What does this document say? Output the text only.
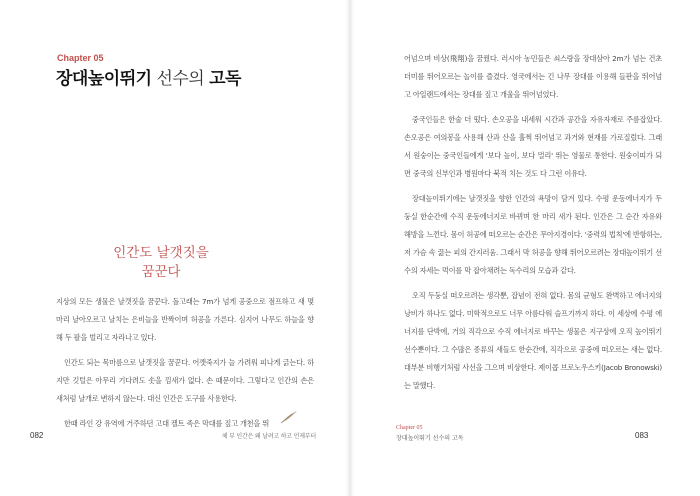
Chapter 05
장대높이뛰기 선수의 고독
인간도 날갯짓을
꿈꾼다

지상의 모든 생물은 날갯짓을 꿈꾼다. 돌고래는 7m가 넘게 공중으로 점프하고 새 몇 마리 날아오르고 날치는 은비늘을 반짝이며 허공을 가른다. 심지어 나무도 하늘을 향해 두 팔을 벌리고 자라나고 있다.

인간도 되는 목마름으로 날갯짓을 꿈꾼다. 어깻죽지가 늘 가려워 피나게 긁는다. 하지만 깃털은 아무리 기다려도 솟을 낌새가 없다. 손 때문이다. 그렇다고 인간의 손은 새처럼 날개로 변하지 않는다. 대신 인간은 도구를 사용한다.

한때 라인 강 유역에 거주하던 고대 켈트 족은 막대를 짚고 개천을 뛰

082	체 부 인간은 왜 날려고 하고 언제부터

어넘으며 비상(飛翔)을 꿈꿨다. 러시아 농민들은 쇠스랑을 장대삼아 2m가 넘는 건초 더미를 뛰어오르는 놀이를 즐겼다. 영국에서는 긴 나무 장대를 이용해 들판을 뛰어넘고 아일랜드에서는 장대를 짚고 개울을 뛰어넘었다.

중국인들은 한술 더 떴다. 손오공을 내세워 시간과 공간을 자유자재로 주름잡았다. 손오공은 여의봉을 사용해 산과 산을 훌쩍 뛰어넘고 과거와 현재를 가로질렀다. 그래서 원숭이는 중국인들에게 '보다 높이, 보다 멀리' 뛰는 영물로 통한다. 원숭이띠가 되면 중국의 신부인과 병원마다 북적 치는 것도 다 그런 이유다.

장대높이뛰기에는 날갯짓을 향한 인간의 욕망이 담겨 있다. 수평 운동에너지가 두둥실 한순간에 수직 운동에너지로 바뀌며 한 마리 새가 된다. 인간은 그 순간 자유와 해방을 느낀다. 몸이 허공에 떠오르는 순간은 무아지경이다. '중력의 법칙'에 반항하는, 저 가슴 속 끓는 피의 간지러움. 그래서 막 허공을 향해 뛰어오르려는 장대높이뛰기 선수의 자세는 먹이를 막 잡아채려는 독수리의 모습과 같다.

오직 두둥실 떠오르려는 생각뿐, 잡념이 전혀 없다. 몸의 균형도 완벽하고 에너지의 낭비가 하나도 없다. 미학적으로도 너무 아름다워 슬프기까지 하다. 이 세상에 수평 에너지를 단박에, 거의 직각으로 수직 에너지로 바꾸는 생물은 지구상에 오직 높이뛰기 선수뿐이다. 그 수많은 종류의 새들도 한순간에, 직각으로 공중에 떠오르는 새는 없다. 대부분 비행기처럼 사선을 그으며 비상한다. 제이콥 브로노우스키(Jacob Bronowski)는 말했다.

Chapter 05
장대높이뛰기 선수의 고독	083
